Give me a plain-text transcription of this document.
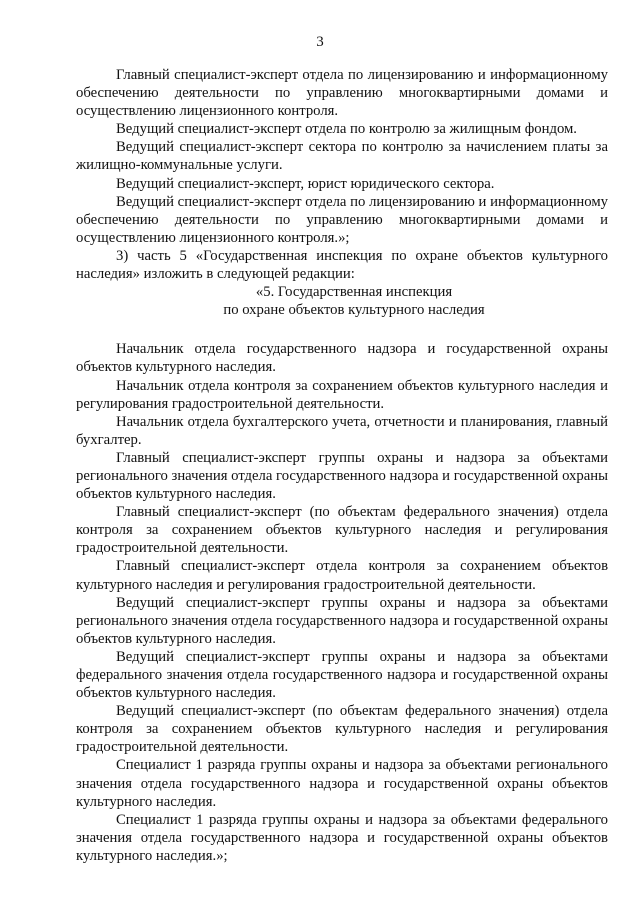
3

Главный специалист-эксперт отдела по лицензированию и информационному обеспечению деятельности по управлению многоквартирными домами и осуществлению лицензионного контроля.

Ведущий специалист-эксперт отдела по контролю за жилищным фондом.

Ведущий специалист-эксперт сектора по контролю за начислением платы за жилищно-коммунальные услуги.

Ведущий специалист-эксперт, юрист юридического сектора.

Ведущий специалист-эксперт отдела по лицензированию и информационному обеспечению деятельности по управлению многоквартирными домами и осуществлению лицензионного контроля.»;

3) часть 5 «Государственная инспекция по охране объектов культурного наследия» изложить в следующей редакции:

«5. Государственная инспекция

по охране объектов культурного наследия

Начальник отдела государственного надзора и государственной охраны объектов культурного наследия.

Начальник отдела контроля за сохранением объектов культурного наследия и регулирования градостроительной деятельности.

Начальник отдела бухгалтерского учета, отчетности и планирования, главный бухгалтер.

Главный специалист-эксперт группы охраны и надзора за объектами регионального значения отдела государственного надзора и государственной охраны объектов культурного наследия.

Главный специалист-эксперт (по объектам федерального значения) отдела контроля за сохранением объектов культурного наследия и регулирования градостроительной деятельности.

Главный специалист-эксперт отдела контроля за сохранением объектов культурного наследия и регулирования градостроительной деятельности.

Ведущий специалист-эксперт группы охраны и надзора за объектами регионального значения отдела государственного надзора и государственной охраны объектов культурного наследия.

Ведущий специалист-эксперт группы охраны и надзора за объектами федерального значения отдела государственного надзора и государственной охраны объектов культурного наследия.

Ведущий специалист-эксперт (по объектам федерального значения) отдела контроля за сохранением объектов культурного наследия и регулирования градостроительной деятельности.

Специалист 1 разряда группы охраны и надзора за объектами регионального значения отдела государственного надзора и государственной охраны объектов культурного наследия.

Специалист 1 разряда группы охраны и надзора за объектами федерального значения отдела государственного надзора и государственной охраны объектов культурного наследия.»;
